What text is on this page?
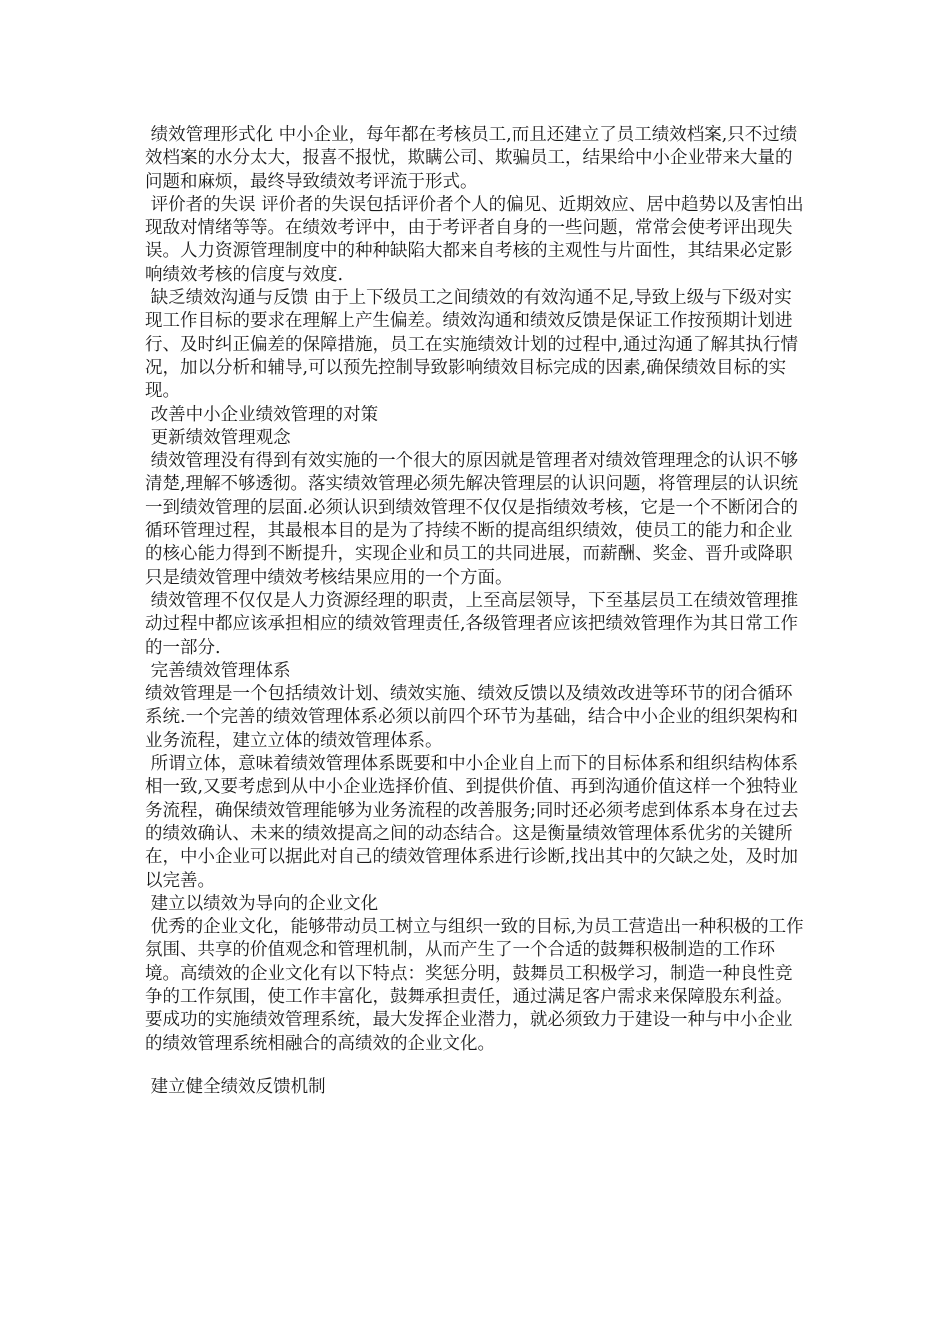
绩效管理形式化 中小企业，每年都在考核员工,而且还建立了员工绩效档案,只不过绩效档案的水分太大，报喜不报忧，欺瞒公司、欺骗员工，结果给中小企业带来大量的问题和麻烦，最终导致绩效考评流于形式。

评价者的失误 评价者的失误包括评价者个人的偏见、近期效应、居中趋势以及害怕出现敌对情绪等等。在绩效考评中，由于考评者自身的一些问题，常常会使考评出现失误。人力资源管理制度中的种种缺陷大都来自考核的主观性与片面性，其结果必定影响绩效考核的信度与效度.

缺乏绩效沟通与反馈 由于上下级员工之间绩效的有效沟通不足,导致上级与下级对实现工作目标的要求在理解上产生偏差。绩效沟通和绩效反馈是保证工作按预期计划进行、及时纠正偏差的保障措施，员工在实施绩效计划的过程中,通过沟通了解其执行情况，加以分析和辅导,可以预先控制导致影响绩效目标完成的因素,确保绩效目标的实现。

改善中小企业绩效管理的对策

更新绩效管理观念

绩效管理没有得到有效实施的一个很大的原因就是管理者对绩效管理理念的认识不够清楚,理解不够透彻。落实绩效管理必须先解决管理层的认识问题，将管理层的认识统一到绩效管理的层面.必须认识到绩效管理不仅仅是指绩效考核，它是一个不断闭合的循环管理过程，其最根本目的是为了持续不断的提高组织绩效，使员工的能力和企业的核心能力得到不断提升，实现企业和员工的共同进展，而薪酬、奖金、晋升或降职只是绩效管理中绩效考核结果应用的一个方面。

绩效管理不仅仅是人力资源经理的职责，上至高层领导，下至基层员工在绩效管理推动过程中都应该承担相应的绩效管理责任,各级管理者应该把绩效管理作为其日常工作的一部分.

完善绩效管理体系

绩效管理是一个包括绩效计划、绩效实施、绩效反馈以及绩效改进等环节的闭合循环系统.一个完善的绩效管理体系必须以前四个环节为基础，结合中小企业的组织架构和业务流程，建立立体的绩效管理体系。

所谓立体，意味着绩效管理体系既要和中小企业自上而下的目标体系和组织结构体系相一致,又要考虑到从中小企业选择价值、到提供价值、再到沟通价值这样一个独特业务流程，确保绩效管理能够为业务流程的改善服务;同时还必须考虑到体系本身在过去的绩效确认、未来的绩效提高之间的动态结合。这是衡量绩效管理体系优劣的关键所在，中小企业可以据此对自己的绩效管理体系进行诊断,找出其中的欠缺之处，及时加以完善。

建立以绩效为导向的企业文化

优秀的企业文化，能够带动员工树立与组织一致的目标,为员工营造出一种积极的工作氛围、共享的价值观念和管理机制，从而产生了一个合适的鼓舞积极制造的工作环境。高绩效的企业文化有以下特点：奖惩分明，鼓舞员工积极学习，制造一种良性竞争的工作氛围，使工作丰富化，鼓舞承担责任，通过满足客户需求来保障股东利益。要成功的实施绩效管理系统，最大发挥企业潜力，就必须致力于建设一种与中小企业的绩效管理系统相融合的高绩效的企业文化。

建立健全绩效反馈机制
